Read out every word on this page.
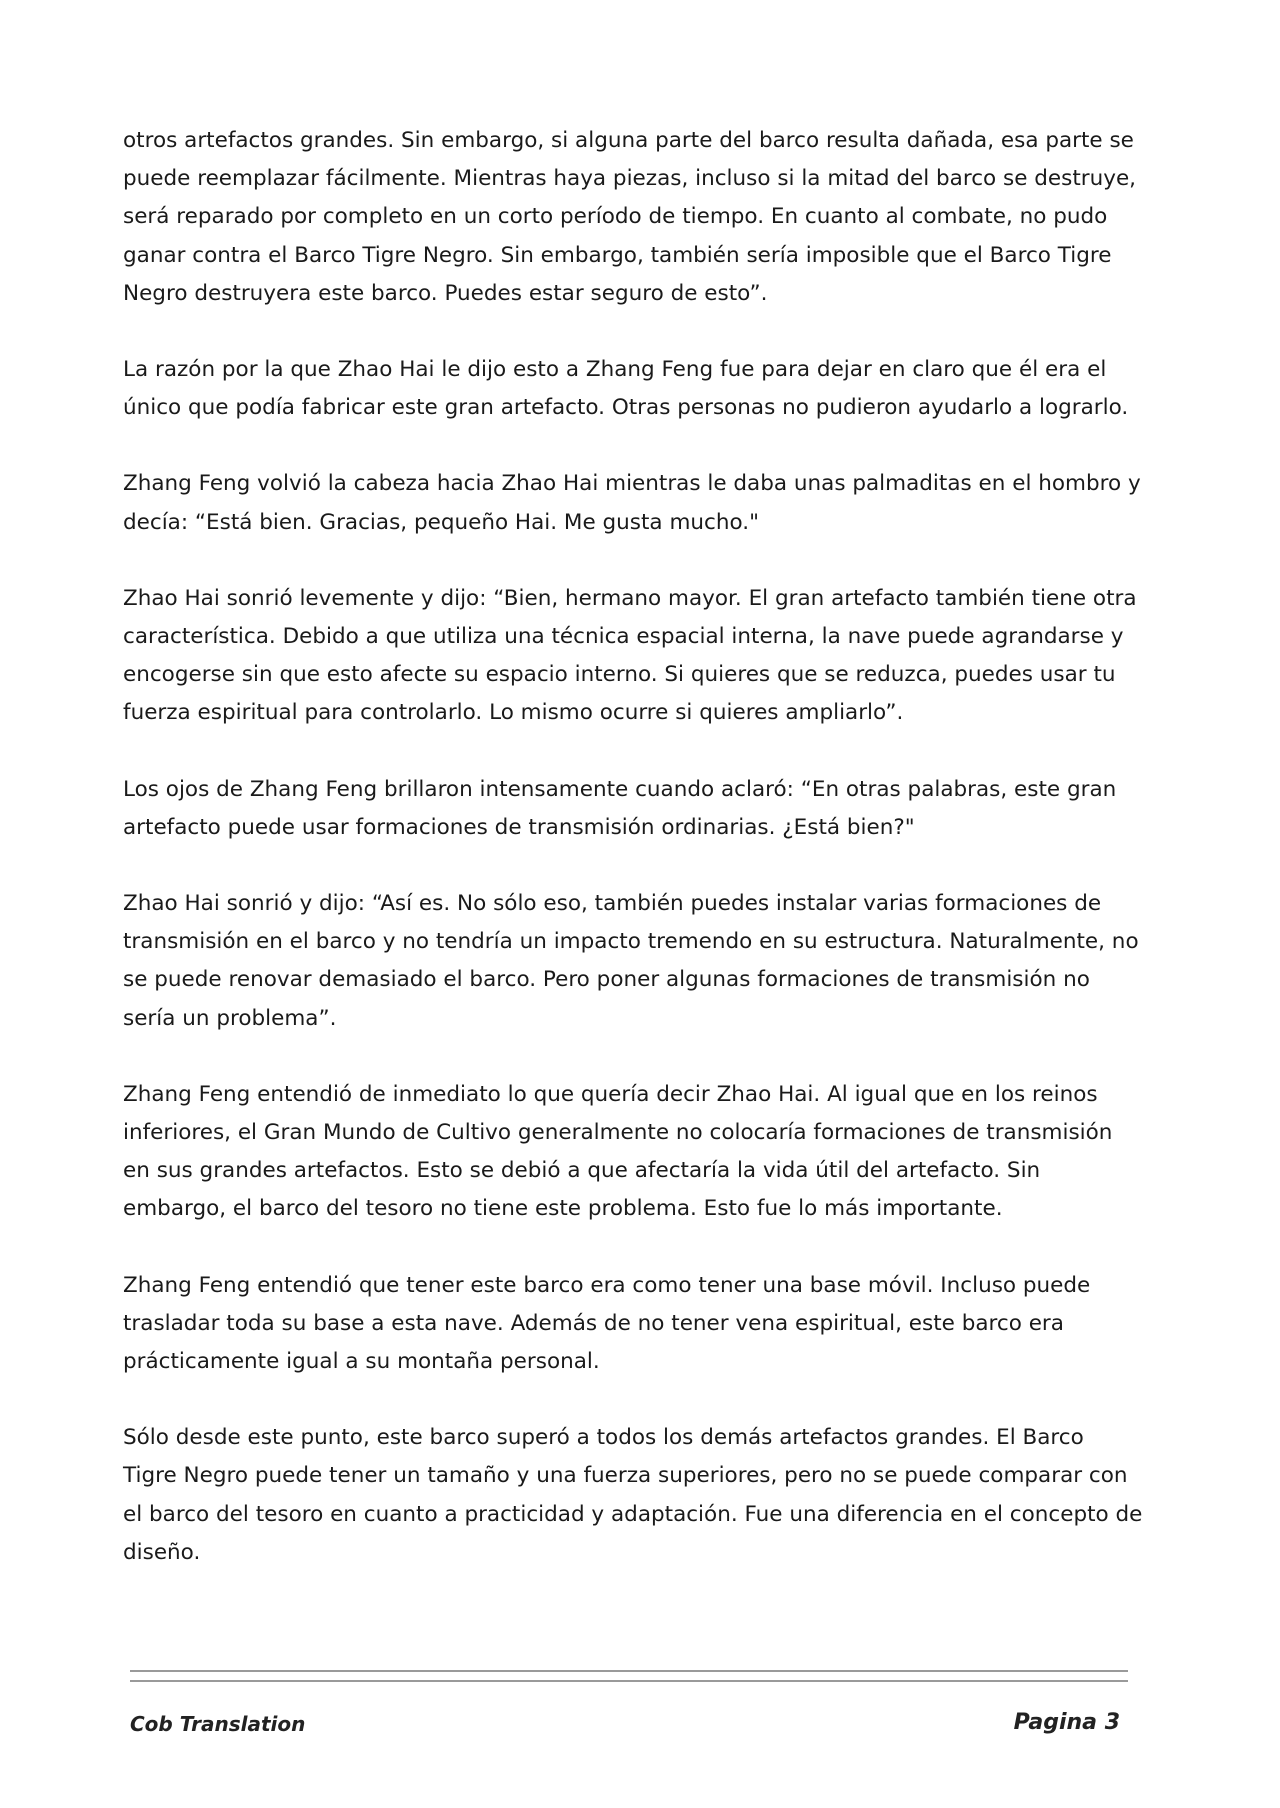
otros artefactos grandes. Sin embargo, si alguna parte del barco resulta dañada, esa parte se puede reemplazar fácilmente. Mientras haya piezas, incluso si la mitad del barco se destruye, será reparado por completo en un corto período de tiempo. En cuanto al combate, no pudo ganar contra el Barco Tigre Negro. Sin embargo, también sería imposible que el Barco Tigre Negro destruyera este barco. Puedes estar seguro de esto”.

La razón por la que Zhao Hai le dijo esto a Zhang Feng fue para dejar en claro que él era el único que podía fabricar este gran artefacto. Otras personas no pudieron ayudarlo a lograrlo.

Zhang Feng volvió la cabeza hacia Zhao Hai mientras le daba unas palmaditas en el hombro y decía: “Está bien. Gracias, pequeño Hai. Me gusta mucho."

Zhao Hai sonrió levemente y dijo: “Bien, hermano mayor. El gran artefacto también tiene otra característica. Debido a que utiliza una técnica espacial interna, la nave puede agrandarse y encogerse sin que esto afecte su espacio interno. Si quieres que se reduzca, puedes usar tu fuerza espiritual para controlarlo. Lo mismo ocurre si quieres ampliarlo”.

Los ojos de Zhang Feng brillaron intensamente cuando aclaró: “En otras palabras, este gran artefacto puede usar formaciones de transmisión ordinarias. ¿Está bien?"

Zhao Hai sonrió y dijo: “Así es. No sólo eso, también puedes instalar varias formaciones de transmisión en el barco y no tendría un impacto tremendo en su estructura. Naturalmente, no se puede renovar demasiado el barco. Pero poner algunas formaciones de transmisión no sería un problema”.

Zhang Feng entendió de inmediato lo que quería decir Zhao Hai. Al igual que en los reinos inferiores, el Gran Mundo de Cultivo generalmente no colocaría formaciones de transmisión en sus grandes artefactos. Esto se debió a que afectaría la vida útil del artefacto. Sin embargo, el barco del tesoro no tiene este problema. Esto fue lo más importante.

Zhang Feng entendió que tener este barco era como tener una base móvil. Incluso puede trasladar toda su base a esta nave. Además de no tener vena espiritual, este barco era prácticamente igual a su montaña personal.

Sólo desde este punto, este barco superó a todos los demás artefactos grandes. El Barco Tigre Negro puede tener un tamaño y una fuerza superiores, pero no se puede comparar con el barco del tesoro en cuanto a practicidad y adaptación. Fue una diferencia en el concepto de diseño.

Cob Translation	Pagina 3
